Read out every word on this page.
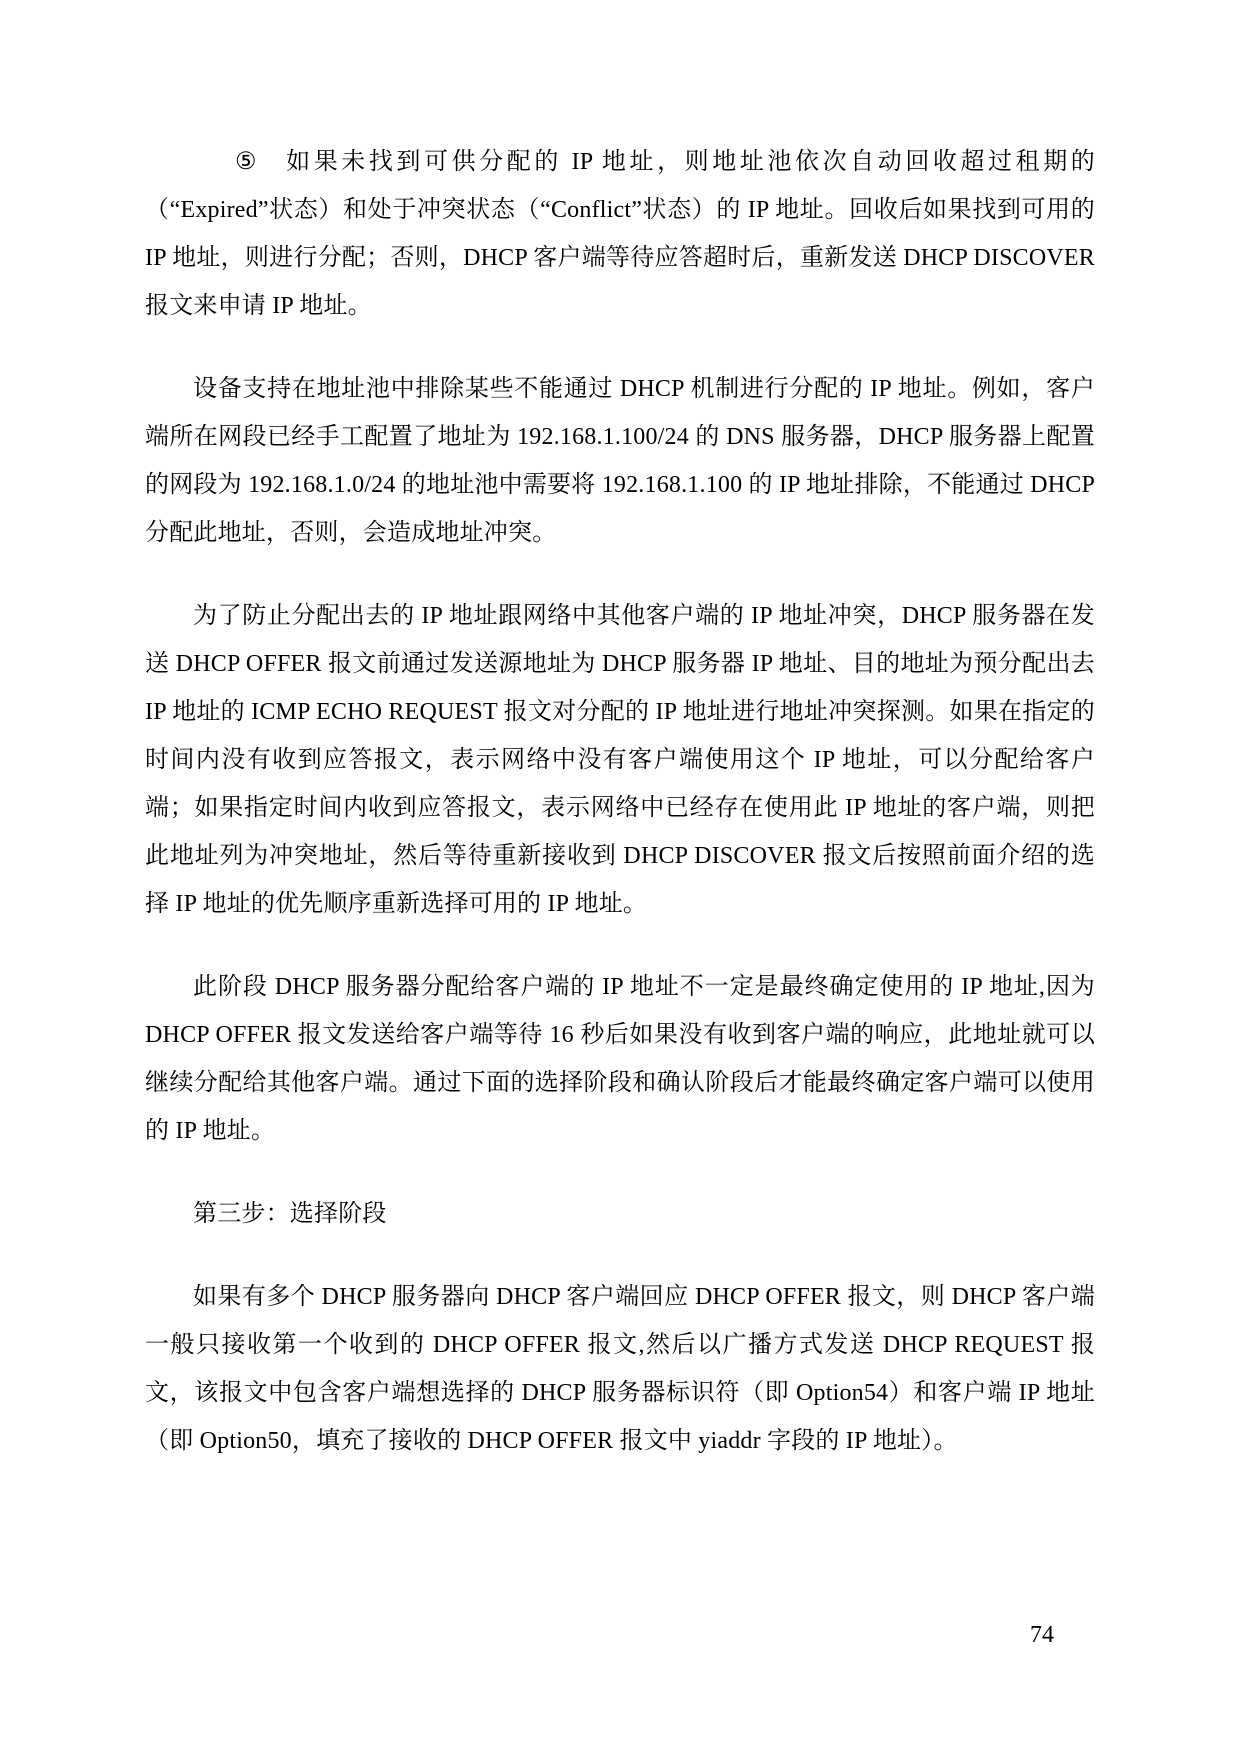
⑤ 如果未找到可供分配的 IP 地址，则地址池依次自动回收超过租期的（“Expired”状态）和处于冲突状态（“Conflict”状态）的 IP 地址。回收后如果找到可用的 IP 地址，则进行分配；否则，DHCP 客户端等待应答超时后，重新发送 DHCP DISCOVER 报文来申请 IP 地址。

设备支持在地址池中排除某些不能通过 DHCP 机制进行分配的 IP 地址。例如，客户端所在网段已经手工配置了地址为 192.168.1.100/24 的 DNS 服务器，DHCP 服务器上配置的网段为 192.168.1.0/24 的地址池中需要将 192.168.1.100 的 IP 地址排除，不能通过 DHCP 分配此地址，否则，会造成地址冲突。

为了防止分配出去的 IP 地址跟网络中其他客户端的 IP 地址冲突，DHCP 服务器在发送 DHCP OFFER 报文前通过发送源地址为 DHCP 服务器 IP 地址、目的地址为预分配出去 IP 地址的 ICMP ECHO REQUEST 报文对分配的 IP 地址进行地址冲突探测。如果在指定的时间内没有收到应答报文，表示网络中没有客户端使用这个 IP 地址，可以分配给客户端；如果指定时间内收到应答报文，表示网络中已经存在使用此 IP 地址的客户端，则把此地址列为冲突地址，然后等待重新接收到 DHCP DISCOVER 报文后按照前面介绍的选择 IP 地址的优先顺序重新选择可用的 IP 地址。

此阶段 DHCP 服务器分配给客户端的 IP 地址不一定是最终确定使用的 IP 地址,因为 DHCP OFFER 报文发送给客户端等待 16 秒后如果没有收到客户端的响应，此地址就可以继续分配给其他客户端。通过下面的选择阶段和确认阶段后才能最终确定客户端可以使用的 IP 地址。

第三步：选择阶段

如果有多个 DHCP 服务器向 DHCP 客户端回应 DHCP OFFER 报文，则 DHCP 客户端一般只接收第一个收到的 DHCP OFFER 报文,然后以广播方式发送 DHCP REQUEST 报文，该报文中包含客户端想选择的 DHCP 服务器标识符（即 Option54）和客户端 IP 地址（即 Option50，填充了接收的 DHCP OFFER 报文中 yiaddr 字段的 IP 地址）。

74
